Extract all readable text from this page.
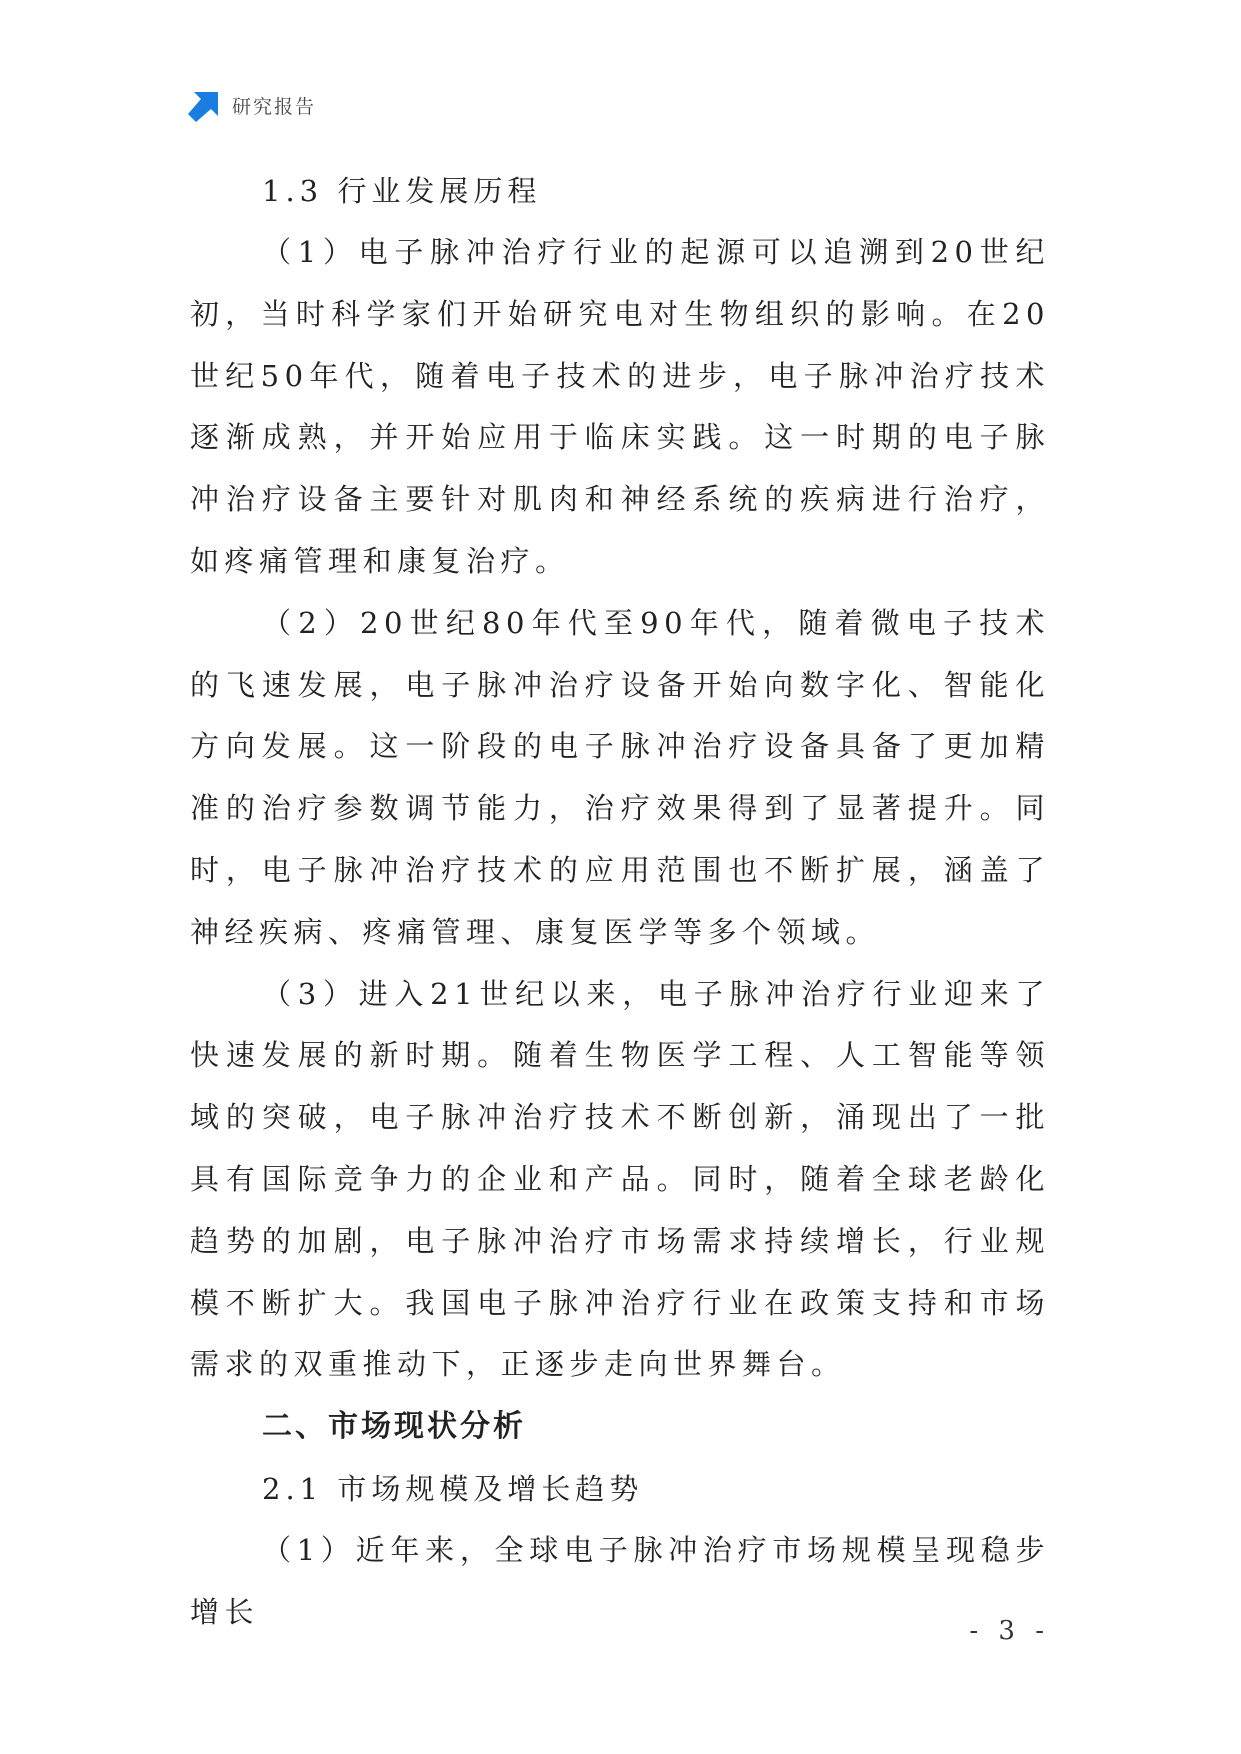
研究报告
1.3 行业发展历程

（1）电子脉冲治疗行业的起源可以追溯到20世纪初，当时科学家们开始研究电对生物组织的影响。在20世纪50年代，随着电子技术的进步，电子脉冲治疗技术逐渐成熟，并开始应用于临床实践。这一时期的电子脉冲治疗设备主要针对肌肉和神经系统的疾病进行治疗，如疼痛管理和康复治疗。

（2）20世纪80年代至90年代，随着微电子技术的飞速发展，电子脉冲治疗设备开始向数字化、智能化方向发展。这一阶段的电子脉冲治疗设备具备了更加精准的治疗参数调节能力，治疗效果得到了显著提升。同时，电子脉冲治疗技术的应用范围也不断扩展，涵盖了神经疾病、疼痛管理、康复医学等多个领域。

（3）进入21世纪以来，电子脉冲治疗行业迎来了快速发展的新时期。随着生物医学工程、人工智能等领域的突破，电子脉冲治疗技术不断创新，涌现出了一批具有国际竞争力的企业和产品。同时，随着全球老龄化趋势的加剧，电子脉冲治疗市场需求持续增长，行业规模不断扩大。我国电子脉冲治疗行业在政策支持和市场需求的双重推动下，正逐步走向世界舞台。

二、市场现状分析
2.1 市场规模及增长趋势

（1）近年来，全球电子脉冲治疗市场规模呈现稳步增长

- 3 -
